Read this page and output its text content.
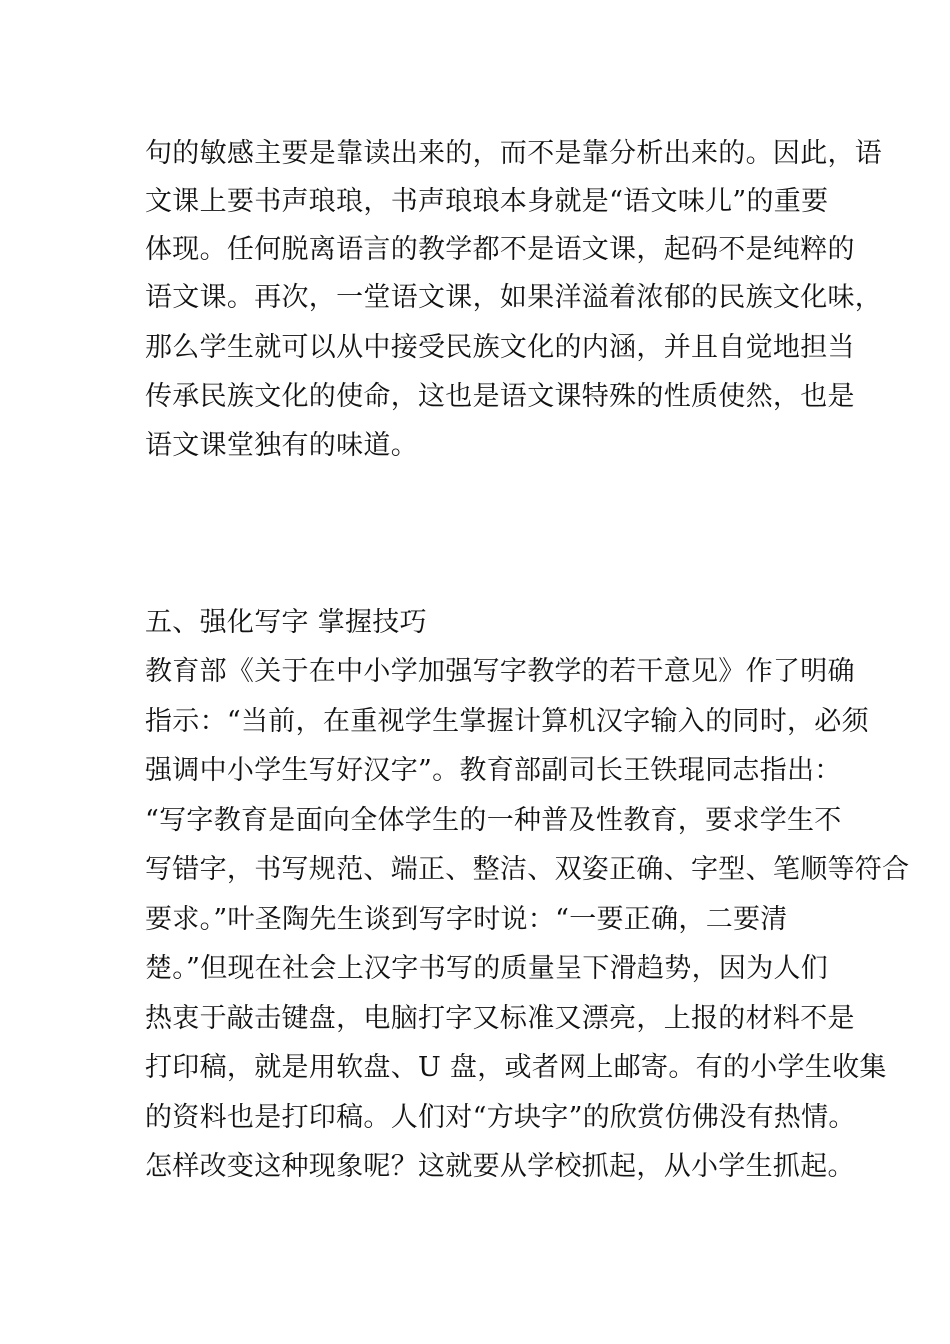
句的敏感主要是靠读出来的，而不是靠分析出来的。因此，语
文课上要书声琅琅，书声琅琅本身就是“语文味儿”的重要
体现。任何脱离语言的教学都不是语文课，起码不是纯粹的
语文课。再次，一堂语文课，如果洋溢着浓郁的民族文化味，
那么学生就可以从中接受民族文化的内涵，并且自觉地担当
传承民族文化的使命，这也是语文课特殊的性质使然，也是
语文课堂独有的味道。
五、强化写字 掌握技巧
教育部《关于在中小学加强写字教学的若干意见》作了明确
指示：“当前，在重视学生掌握计算机汉字输入的同时，必须
强调中小学生写好汉字”。教育部副司长王铁琨同志指出：
“写字教育是面向全体学生的一种普及性教育，要求学生不
写错字，书写规范、端正、整洁、双姿正确、字型、笔顺等符合
要求。”叶圣陶先生谈到写字时说：“一要正确，二要清
楚。”但现在社会上汉字书写的质量呈下滑趋势，因为人们
热衷于敲击键盘，电脑打字又标准又漂亮，上报的材料不是
打印稿，就是用软盘、U 盘，或者网上邮寄。有的小学生收集
的资料也是打印稿。人们对“方块字”的欣赏仿佛没有热情。
怎样改变这种现象呢？这就要从学校抓起，从小学生抓起。
